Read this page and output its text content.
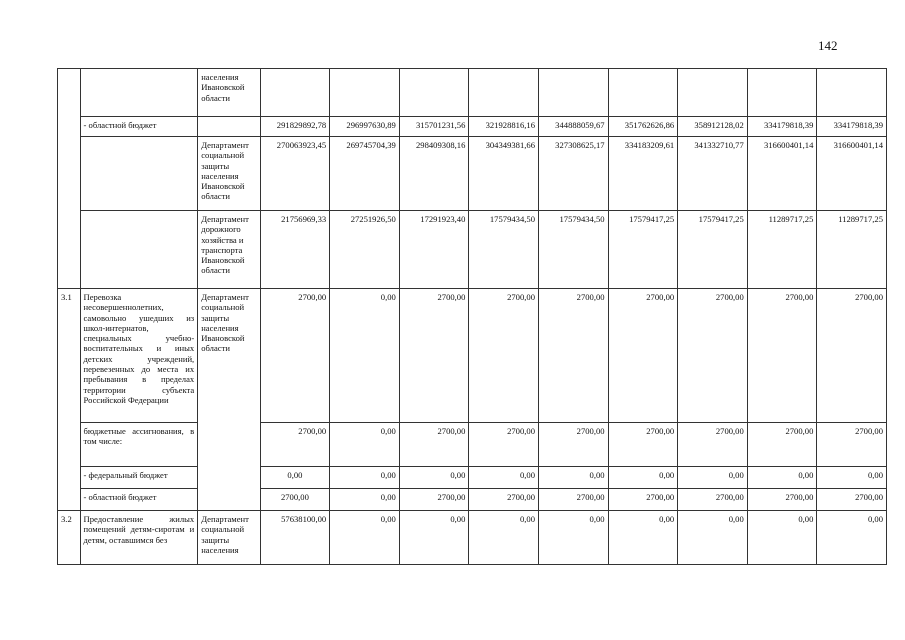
142
		населения Ивановской области									
	- областной бюджет		291829892,78	296997630,89	315701231,56	321928816,16	344888059,67	351762626,86	358912128,02	334179818,39	334179818,39
		Департамент социальной защиты населения Ивановской области	270063923,45	269745704,39	298409308,16	304349381,66	327308625,17	334183209,61	341332710,77	316600401,14	316600401,14
		Департамент дорожного хозяйства и транспорта Ивановской области	21756969,33	27251926,50	17291923,40	17579434,50	17579434,50	17579417,25	17579417,25	11289717,25	11289717,25
3.1	Перевозка несовершеннолетних, самовольно ушедших из школ-интернатов, специальных учебно-воспитательных и иных детских учреждений, перевезенных до места их пребывания в пределах территории субъекта Российской Федерации	Департамент социальной защиты населения Ивановской области	2700,00	0,00	2700,00	2700,00	2700,00	2700,00	2700,00	2700,00	2700,00
	бюджетные ассигнования, в том числе:		2700,00	0,00	2700,00	2700,00	2700,00	2700,00	2700,00	2700,00	2700,00
	- федеральный бюджет		0,00	0,00	0,00	0,00	0,00	0,00	0,00	0,00	0,00
	- областной бюджет		2700,00	0,00	2700,00	2700,00	2700,00	2700,00	2700,00	2700,00	2700,00
3.2	Предоставление жилых помещений детям-сиротам и детям, оставшимся без	Департамент социальной защиты населения	57638100,00	0,00	0,00	0,00	0,00	0,00	0,00	0,00	0,00
